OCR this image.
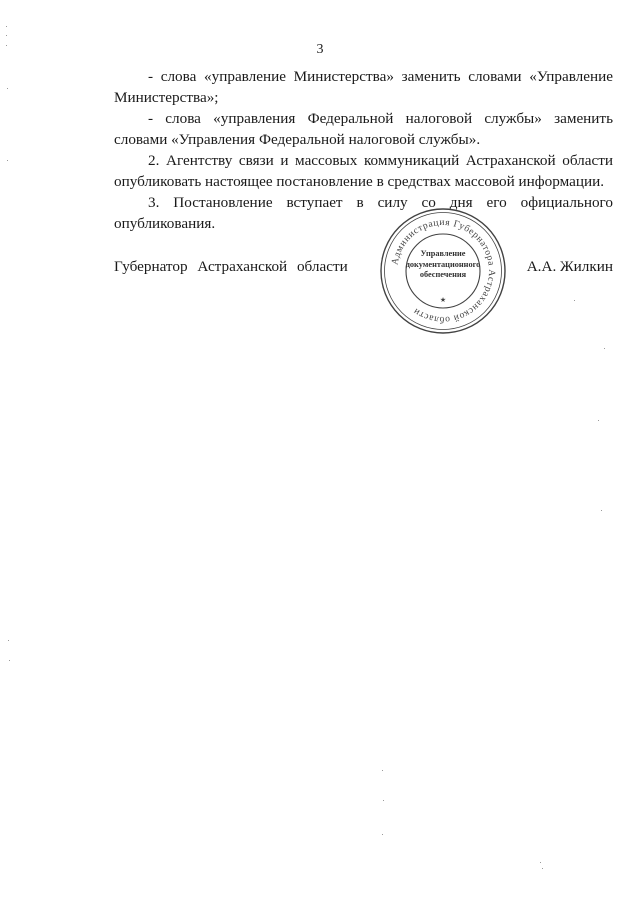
3

- слова «управление Министерства» заменить словами «Управление Министерства»;

- слова «управления Федеральной налоговой службы» заменить словами «Управления Федеральной налоговой службы».

2. Агентству связи и массовых коммуникаций Астраханской области опубликовать настоящее постановление в средствах массовой информации.

3. Постановление вступает в силу со дня его официального опубликования.

Губернатор Астраханской области	А.А. Жилкин
Администрация Губернатора Астраханской области
★
Управление
документационного
обеспечения
